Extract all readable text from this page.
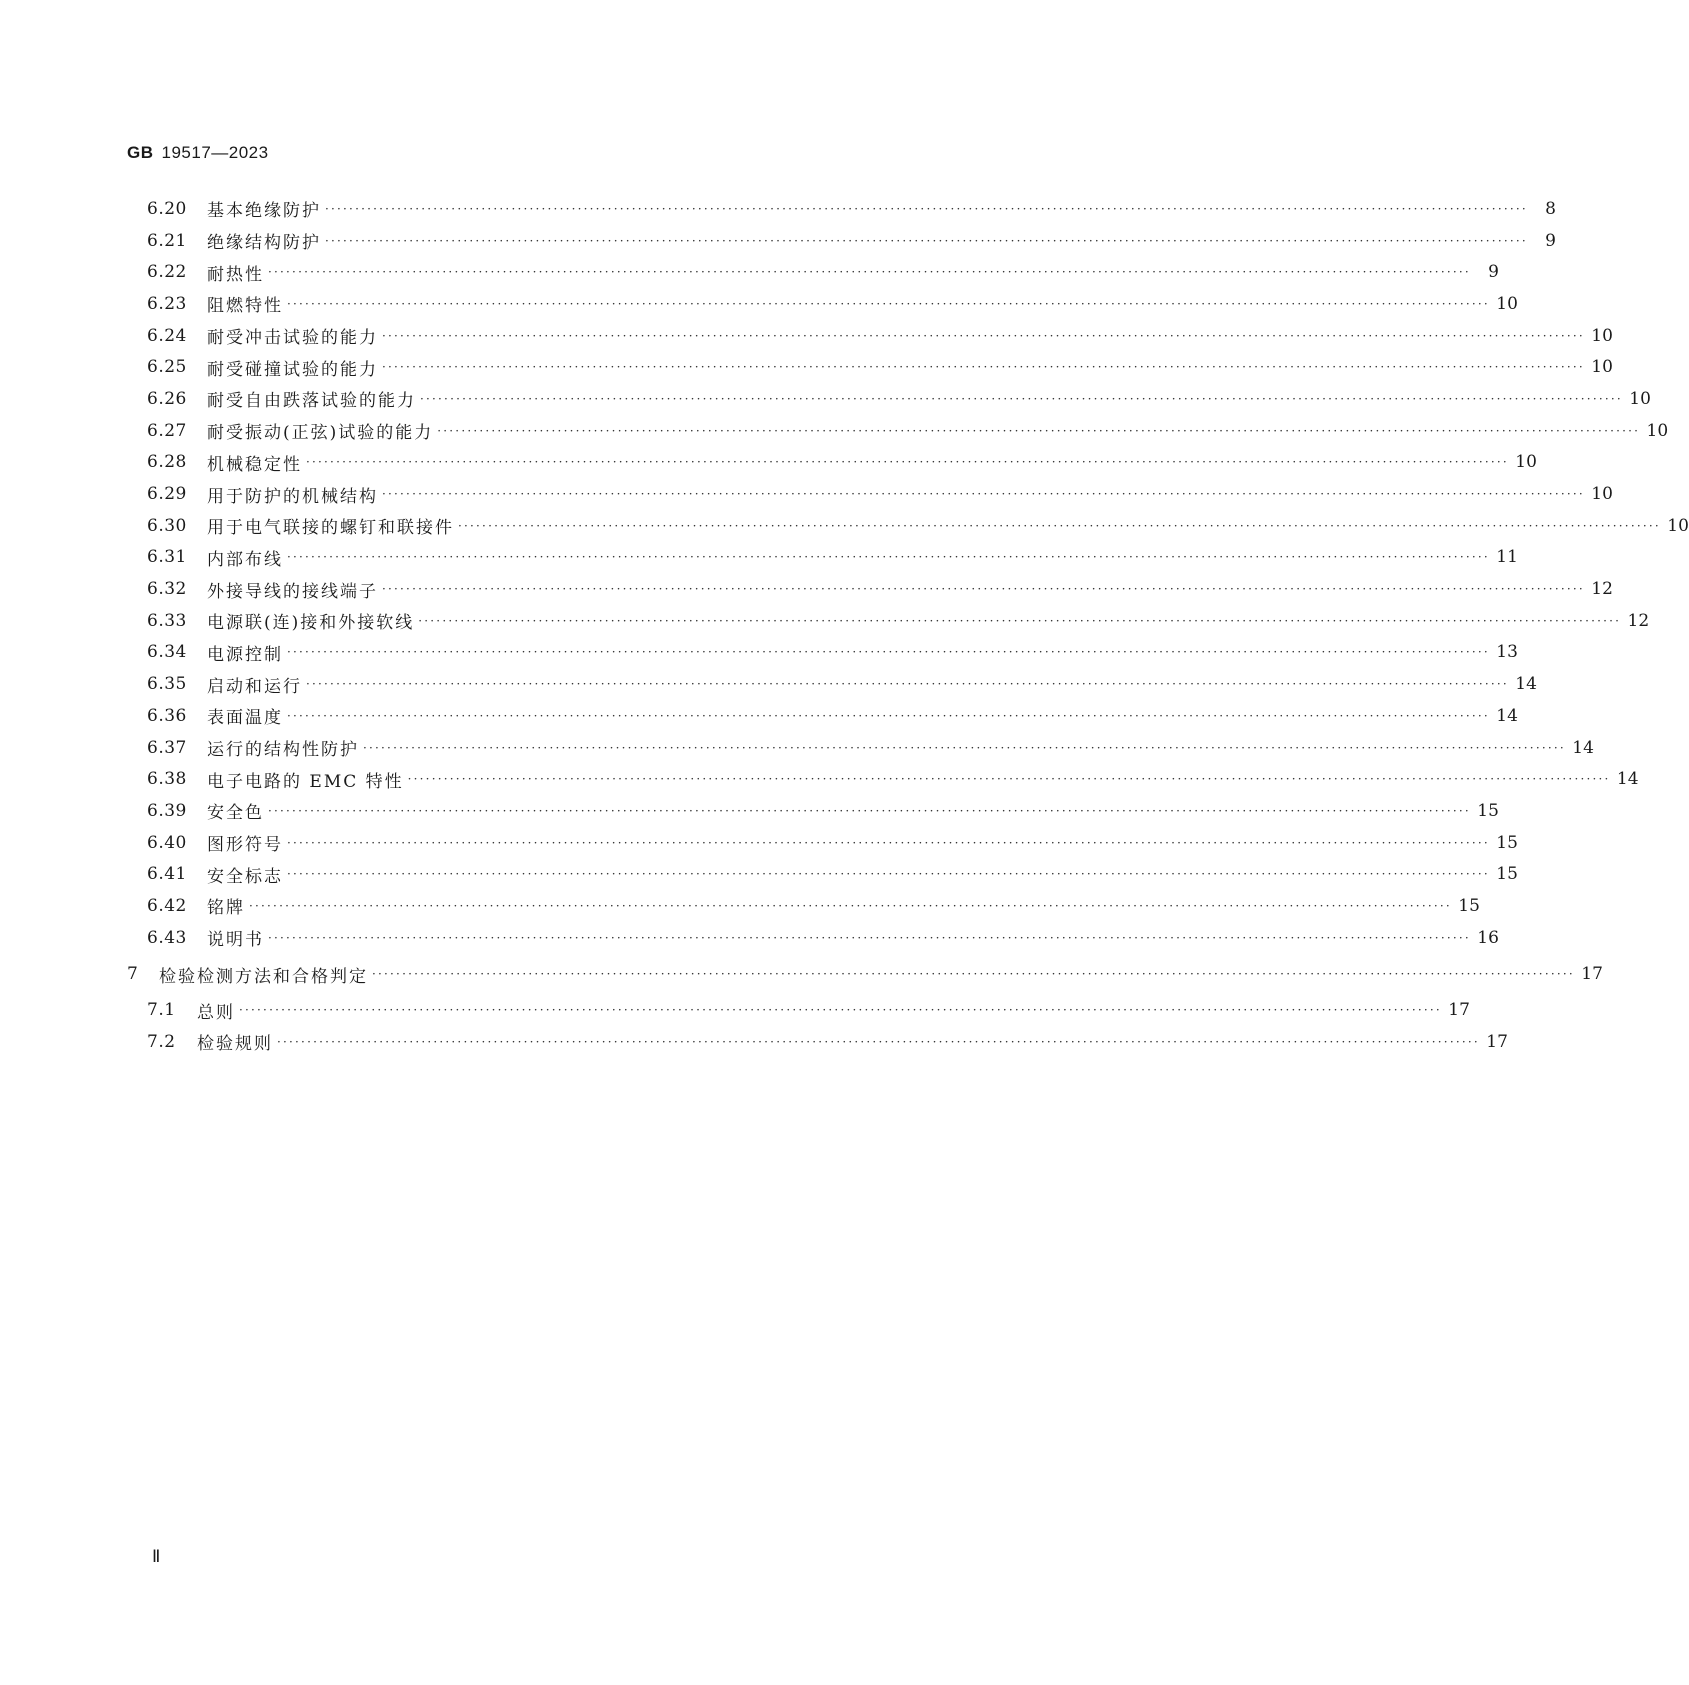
GB 19517—2023
6.20	基本绝缘防护 ········································································································································································································	8
6.21	绝缘结构防护 ········································································································································································································	9
6.22	耐热性 ········································································································································································································	9
6.23	阻燃特性 ········································································································································································································ 10
6.24	耐受冲击试验的能力 ········································································································································································································ 10
6.25	耐受碰撞试验的能力 ········································································································································································································ 10
6.26	耐受自由跌落试验的能力 ········································································································································································································ 10
6.27	耐受振动(正弦)试验的能力 ········································································································································································································ 10
6.28	机械稳定性 ········································································································································································································ 10
6.29	用于防护的机械结构 ········································································································································································································ 10
6.30	用于电气联接的螺钉和联接件 ········································································································································································································ 10
6.31	内部布线 ········································································································································································································ 11
6.32	外接导线的接线端子 ········································································································································································································ 12
6.33	电源联(连)接和外接软线 ········································································································································································································ 12
6.34	电源控制 ········································································································································································································ 13
6.35	启动和运行 ········································································································································································································ 14
6.36	表面温度 ········································································································································································································ 14
6.37	运行的结构性防护 ········································································································································································································ 14
6.38	电子电路的 EMC 特性 ········································································································································································································ 14
6.39	安全色 ········································································································································································································ 15
6.40	图形符号 ········································································································································································································ 15
6.41	安全标志 ········································································································································································································ 15
6.42	铭牌 ········································································································································································································ 15
6.43	说明书 ········································································································································································································ 16
7	检验检测方法和合格判定 ········································································································································································································ 17
7.1	总则 ········································································································································································································ 17
7.2	检验规则 ········································································································································································································ 17
Ⅱ
